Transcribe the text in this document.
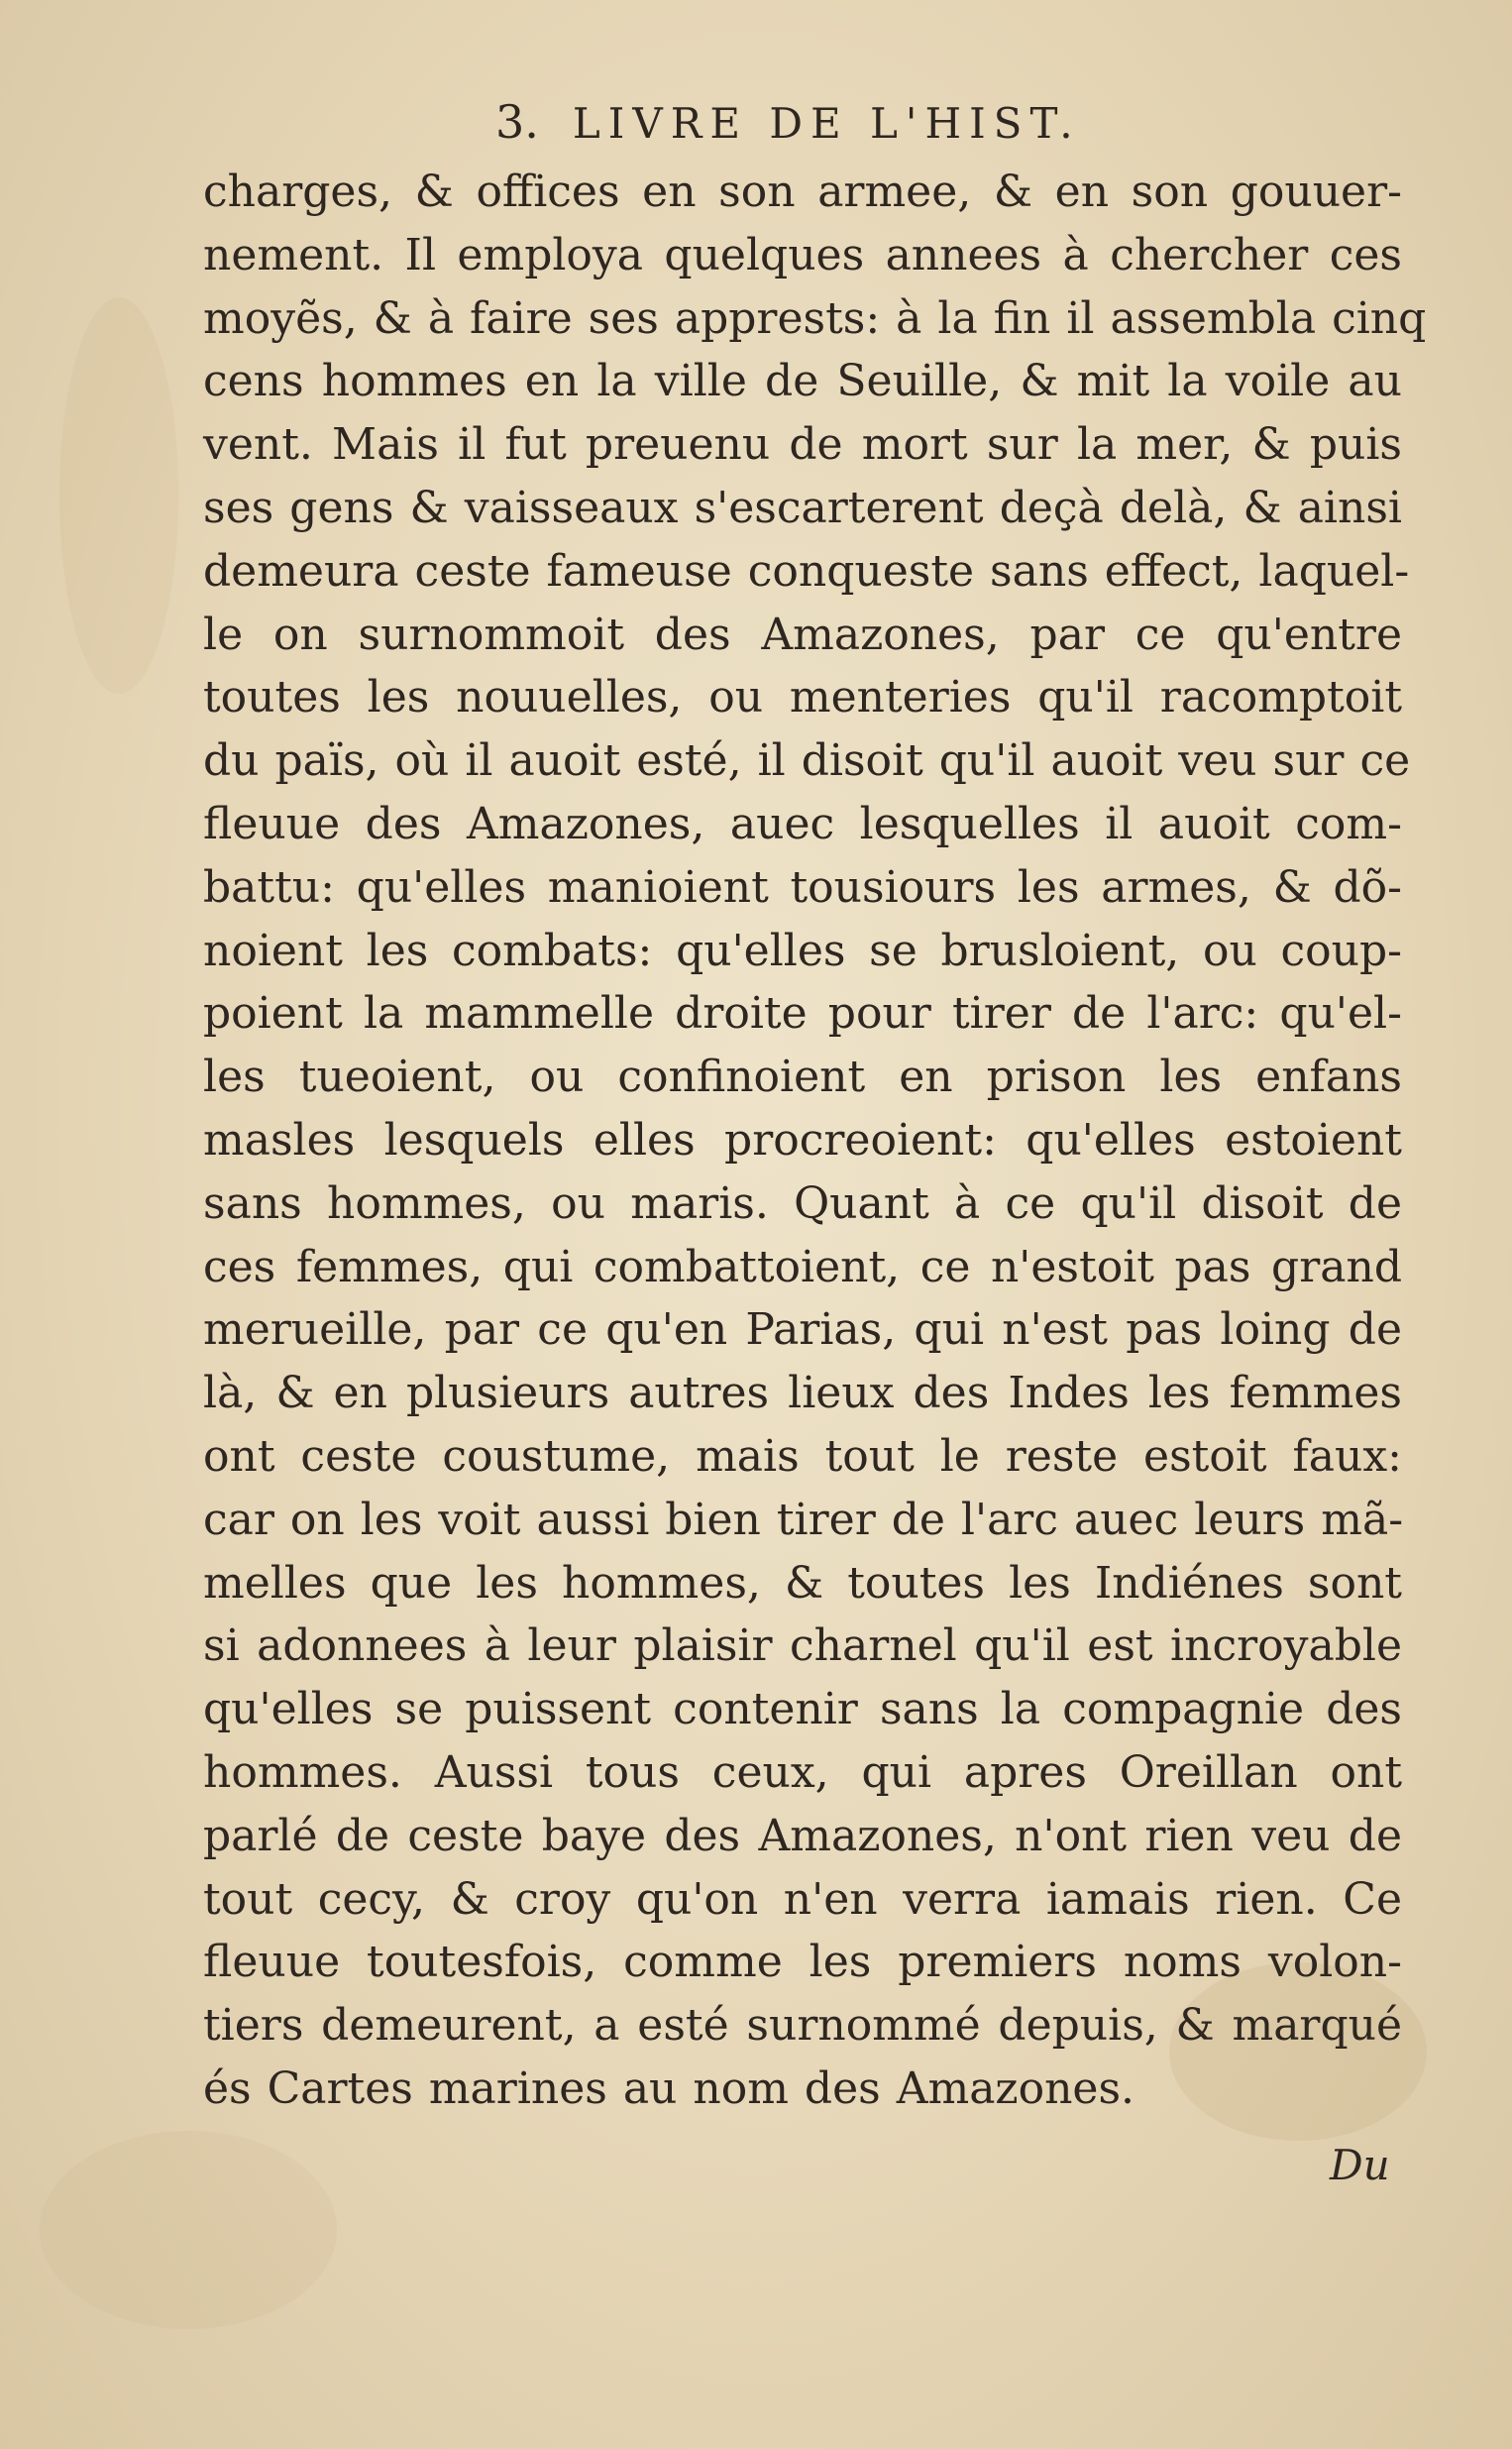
3. LIVRE DE L'HIST.
charges, & offices en son armee, & en son gouuer-
nement. Il employa quelques annees à chercher ces
moyẽs, & à faire ses apprests: à la fin il assembla cinq
cens hommes en la ville de Seuille, & mit la voile au
vent. Mais il fut preuenu de mort sur la mer, & puis
ses gens & vaisseaux s'escarterent deçà delà, & ainsi
demeura ceste fameuse conqueste sans effect, laquel-
le on surnommoit des Amazones, par ce qu'entre
toutes les nouuelles, ou menteries qu'il racomptoit
du païs, où il auoit esté, il disoit qu'il auoit veu sur ce
fleuue des Amazones, auec lesquelles il auoit com-
battu: qu'elles manioient tousiours les armes, & dõ-
noient les combats: qu'elles se brusloient, ou coup-
poient la mammelle droite pour tirer de l'arc: qu'el-
les tueoient, ou confinoient en prison les enfans
masles lesquels elles procreoient: qu'elles estoient
sans hommes, ou maris. Quant à ce qu'il disoit de
ces femmes, qui combattoient, ce n'estoit pas grand
merueille, par ce qu'en Parias, qui n'est pas loing de
là, & en plusieurs autres lieux des Indes les femmes
ont ceste coustume, mais tout le reste estoit faux:
car on les voit aussi bien tirer de l'arc auec leurs mã-
melles que les hommes, & toutes les Indiénes sont
si adonnees à leur plaisir charnel qu'il est incroyable
qu'elles se puissent contenir sans la compagnie des
hommes. Aussi tous ceux, qui apres Oreillan ont
parlé de ceste baye des Amazones, n'ont rien veu de
tout cecy, & croy qu'on n'en verra iamais rien. Ce
fleuue toutesfois, comme les premiers noms volon-
tiers demeurent, a esté surnommé depuis, & marqué
és Cartes marines au nom des Amazones.
Du
